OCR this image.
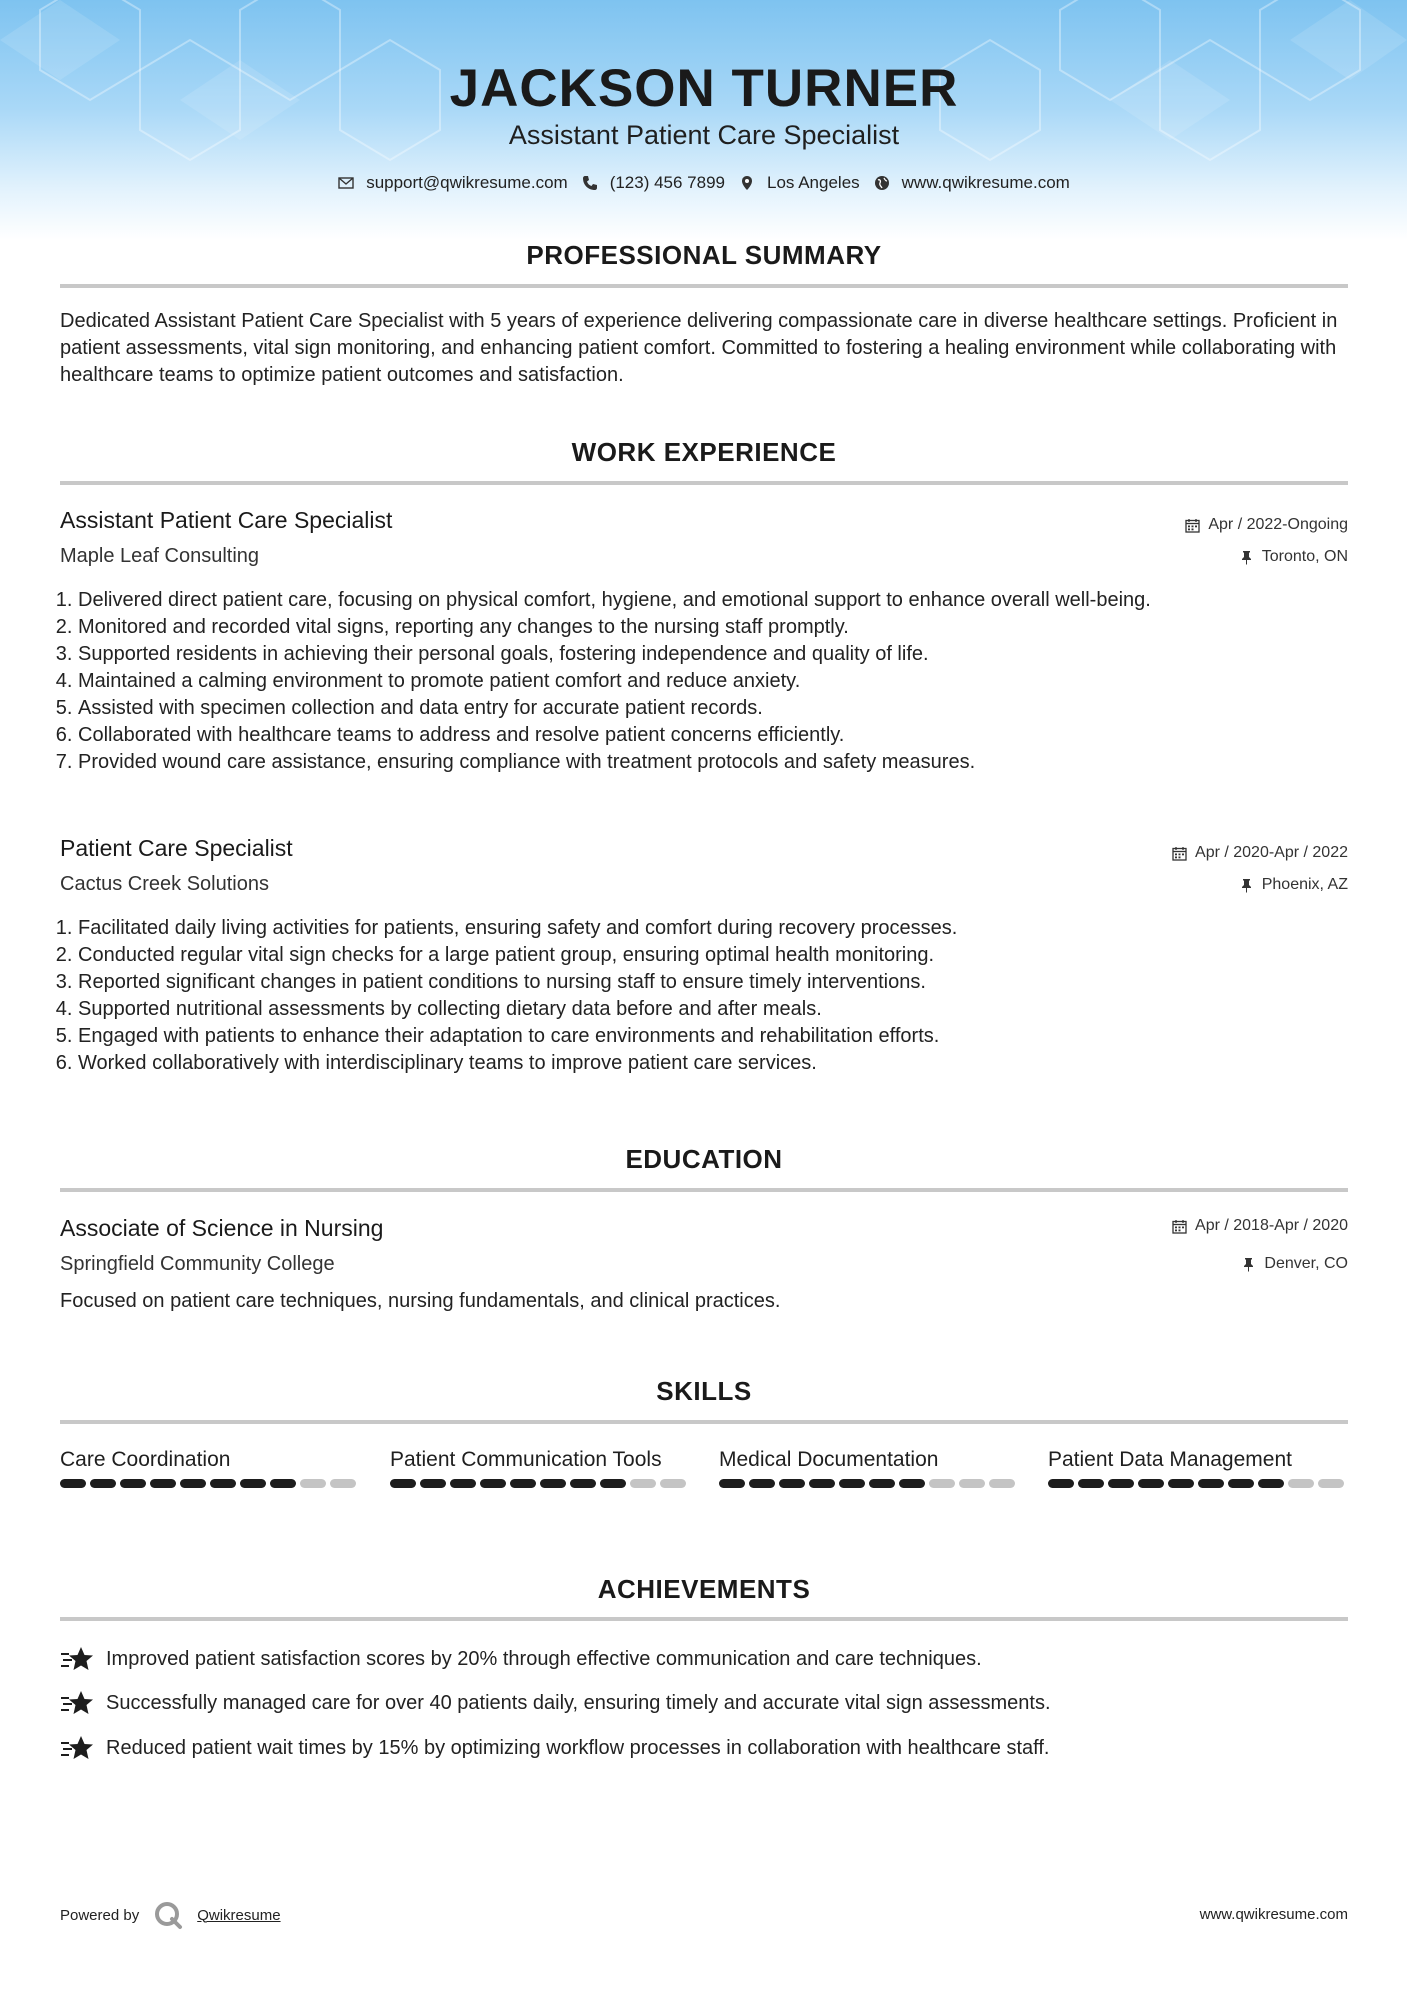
JACKSON TURNER
Assistant Patient Care Specialist
support@qwikresume.com (123) 456 7899 Los Angeles www.qwikresume.com
PROFESSIONAL SUMMARY
Dedicated Assistant Patient Care Specialist with 5 years of experience delivering compassionate care in diverse healthcare settings. Proficient in patient assessments, vital sign monitoring, and enhancing patient comfort. Committed to fostering a healing environment while collaborating with healthcare teams to optimize patient outcomes and satisfaction.
WORK EXPERIENCE
Assistant Patient Care Specialist	Apr / 2022-Ongoing
Maple Leaf Consulting	Toronto, ON
1. Delivered direct patient care, focusing on physical comfort, hygiene, and emotional support to enhance overall well-being.
2. Monitored and recorded vital signs, reporting any changes to the nursing staff promptly.
3. Supported residents in achieving their personal goals, fostering independence and quality of life.
4. Maintained a calming environment to promote patient comfort and reduce anxiety.
5. Assisted with specimen collection and data entry for accurate patient records.
6. Collaborated with healthcare teams to address and resolve patient concerns efficiently.
7. Provided wound care assistance, ensuring compliance with treatment protocols and safety measures.
Patient Care Specialist	Apr / 2020-Apr / 2022
Cactus Creek Solutions	Phoenix, AZ
1. Facilitated daily living activities for patients, ensuring safety and comfort during recovery processes.
2. Conducted regular vital sign checks for a large patient group, ensuring optimal health monitoring.
3. Reported significant changes in patient conditions to nursing staff to ensure timely interventions.
4. Supported nutritional assessments by collecting dietary data before and after meals.
5. Engaged with patients to enhance their adaptation to care environments and rehabilitation efforts.
6. Worked collaboratively with interdisciplinary teams to improve patient care services.
EDUCATION
Associate of Science in Nursing	Apr / 2018-Apr / 2020
Springfield Community College	Denver, CO
Focused on patient care techniques, nursing fundamentals, and clinical practices.
SKILLS
Care Coordination	Patient Communication Tools	Medical Documentation	Patient Data Management
ACHIEVEMENTS
Improved patient satisfaction scores by 20% through effective communication and care techniques.
Successfully managed care for over 40 patients daily, ensuring timely and accurate vital sign assessments.
Reduced patient wait times by 15% by optimizing workflow processes in collaboration with healthcare staff.
Powered by	Qwikresume	www.qwikresume.com
